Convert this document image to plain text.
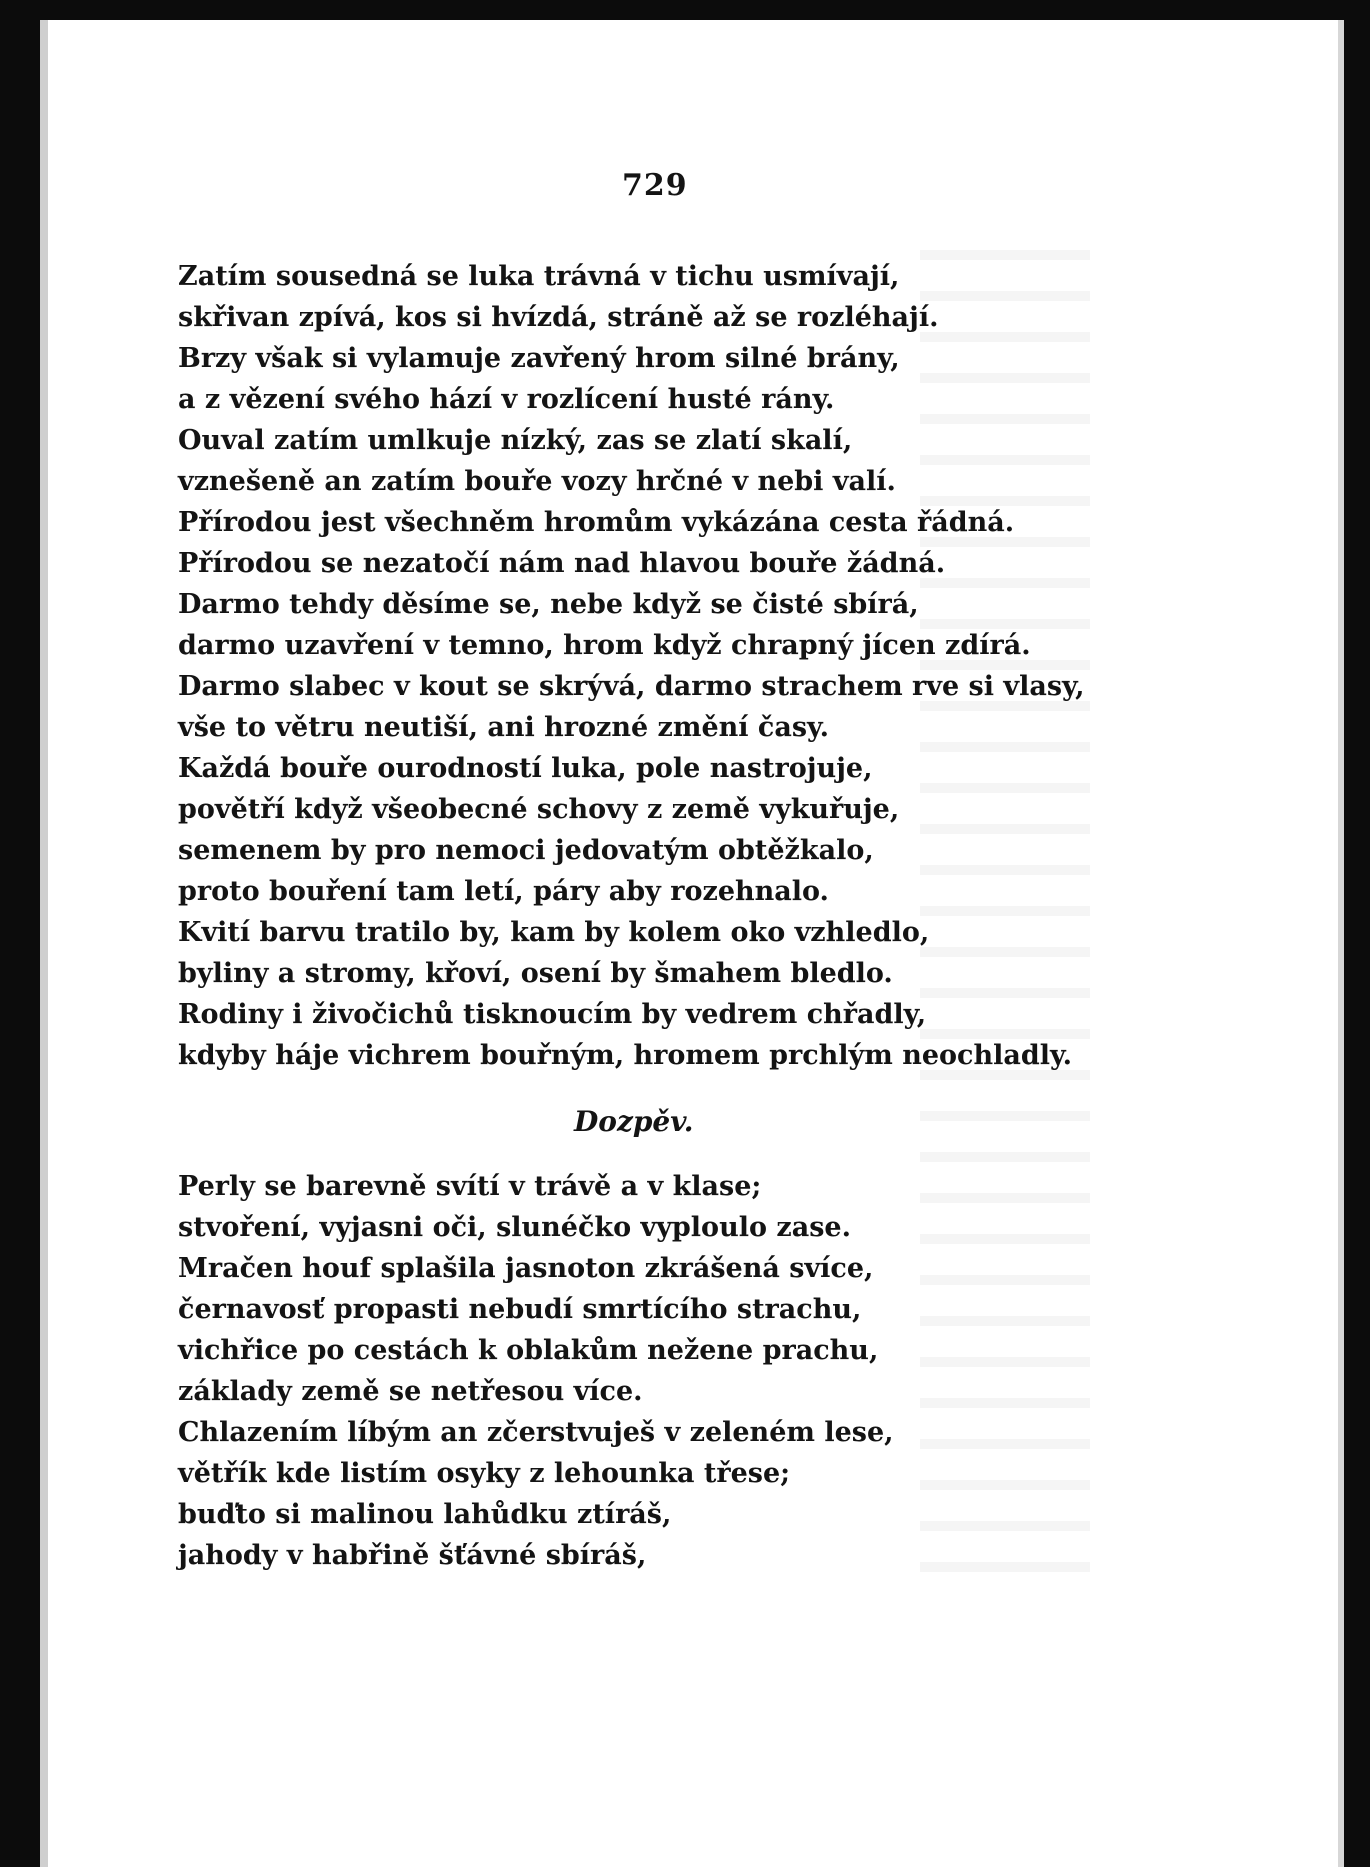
729
Zatím sousedná se luka trávná v tichu usmívají,
skřivan zpívá, kos si hvízdá, stráně až se rozléhají.
Brzy však si vylamuje zavřený hrom silné brány,
a z vězení svého hází v rozlícení husté rány.
Ouval zatím umlkuje nízký, zas se zlatí skalí,
vznešeně an zatím bouře vozy hrčné v nebi valí.
Přírodou jest všechněm hromům vykázána cesta řádná.
Přírodou se nezatočí nám nad hlavou bouře žádná.
Darmo tehdy děsíme se, nebe když se čisté sbírá,
darmo uzavření v temno, hrom když chrapný jícen zdírá.
Darmo slabec v kout se skrývá, darmo strachem rve si vlasy,
vše to větru neutiší, ani hrozné změní časy.
Každá bouře ourodností luka, pole nastrojuje,
povětří když všeobecné schovy z země vykuřuje,
semenem by pro nemoci jedovatým obtěžkalo,
proto bouření tam letí, páry aby rozehnalo.
Kvití barvu tratilo by, kam by kolem oko vzhledlo,
byliny a stromy, křoví, osení by šmahem bledlo.
Rodiny i živočichů tisknoucím by vedrem chřadly,
kdyby háje vichrem bouřným, hromem prchlým neochladly.
Dozpěv.
Perly se barevně svítí v trávě a v klase;
stvoření, vyjasni oči, slunéčko vyploulo zase.
Mračen houf splašila jasnoton zkrášená svíce,
černavosť propasti nebudí smrtícího strachu,
vichřice po cestách k oblakům nežene prachu,
základy země se netřesou více.
Chlazením líbým an zčerstvuješ v zeleném lese,
větřík kde listím osyky z lehounka třese;
buďto si malinou lahůdku ztíráš,
jahody v habřině šťávné sbíráš,
